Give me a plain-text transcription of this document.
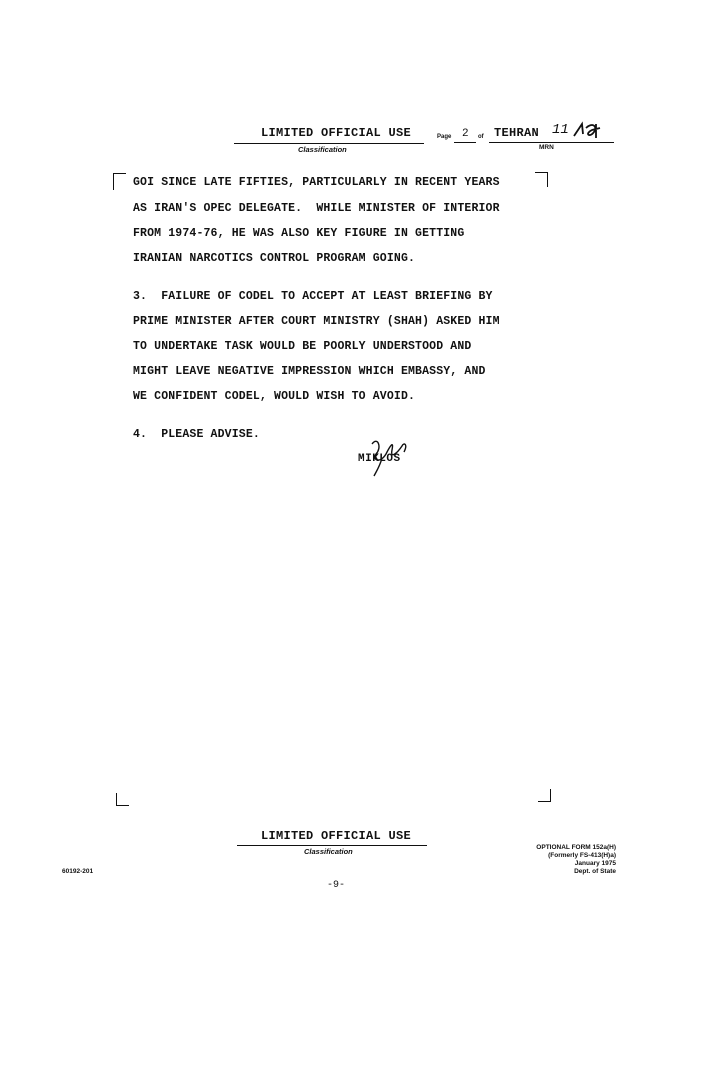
LIMITED OFFICIAL USE
Classification
Page 2 of TEHRAN 11
MRN
GOI SINCE LATE FIFTIES, PARTICULARLY IN RECENT YEARS
AS IRAN'S OPEC DELEGATE.  WHILE MINISTER OF INTERIOR
FROM 1974-76, HE WAS ALSO KEY FIGURE IN GETTING
IRANIAN NARCOTICS CONTROL PROGRAM GOING.
3.  FAILURE OF CODEL TO ACCEPT AT LEAST BRIEFING BY
PRIME MINISTER AFTER COURT MINISTRY (SHAH) ASKED HIM
TO UNDERTAKE TASK WOULD BE POORLY UNDERSTOOD AND
MIGHT LEAVE NEGATIVE IMPRESSION WHICH EMBASSY, AND
WE CONFIDENT CODEL, WOULD WISH TO AVOID.
4.  PLEASE ADVISE.
MIKLOS
LIMITED OFFICIAL USE
Classification	OPTIONAL FORM 152a(H)
(Formerly FS-413(H)a)
January 1975
Dept. of State
60192-201
-9-
